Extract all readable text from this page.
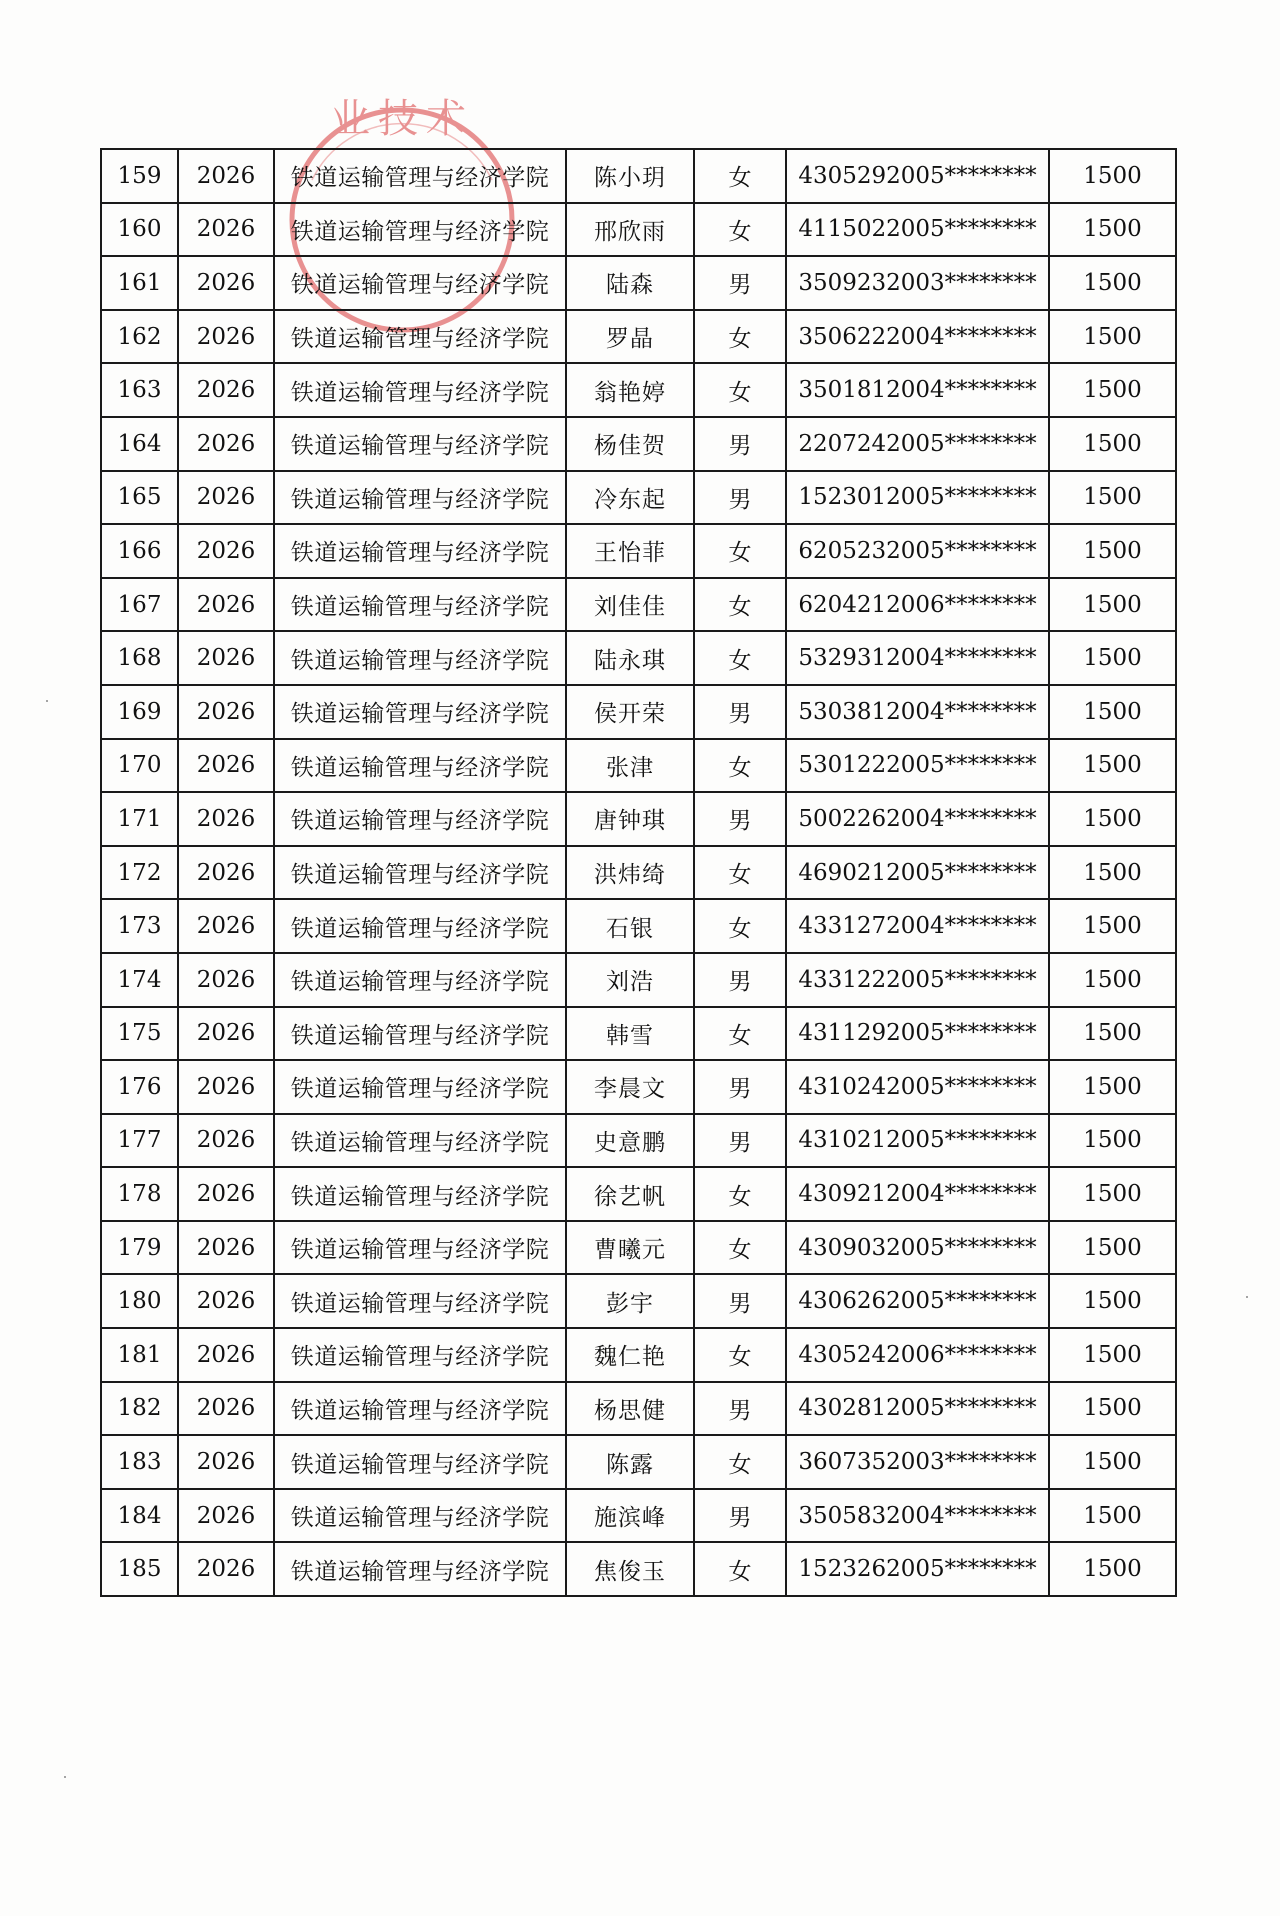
业技术
159	2026	铁道运输管理与经济学院	陈小玥	女	4305292005********	1500
160	2026	铁道运输管理与经济学院	邢欣雨	女	4115022005********	1500
161	2026	铁道运输管理与经济学院	陆森	男	3509232003********	1500
162	2026	铁道运输管理与经济学院	罗晶	女	3506222004********	1500
163	2026	铁道运输管理与经济学院	翁艳婷	女	3501812004********	1500
164	2026	铁道运输管理与经济学院	杨佳贺	男	2207242005********	1500
165	2026	铁道运输管理与经济学院	冷东起	男	1523012005********	1500
166	2026	铁道运输管理与经济学院	王怡菲	女	6205232005********	1500
167	2026	铁道运输管理与经济学院	刘佳佳	女	6204212006********	1500
168	2026	铁道运输管理与经济学院	陆永琪	女	5329312004********	1500
169	2026	铁道运输管理与经济学院	侯开荣	男	5303812004********	1500
170	2026	铁道运输管理与经济学院	张津	女	5301222005********	1500
171	2026	铁道运输管理与经济学院	唐钟琪	男	5002262004********	1500
172	2026	铁道运输管理与经济学院	洪炜绮	女	4690212005********	1500
173	2026	铁道运输管理与经济学院	石银	女	4331272004********	1500
174	2026	铁道运输管理与经济学院	刘浩	男	4331222005********	1500
175	2026	铁道运输管理与经济学院	韩雪	女	4311292005********	1500
176	2026	铁道运输管理与经济学院	李晨文	男	4310242005********	1500
177	2026	铁道运输管理与经济学院	史意鹏	男	4310212005********	1500
178	2026	铁道运输管理与经济学院	徐艺帆	女	4309212004********	1500
179	2026	铁道运输管理与经济学院	曹曦元	女	4309032005********	1500
180	2026	铁道运输管理与经济学院	彭宇	男	4306262005********	1500
181	2026	铁道运输管理与经济学院	魏仁艳	女	4305242006********	1500
182	2026	铁道运输管理与经济学院	杨思健	男	4302812005********	1500
183	2026	铁道运输管理与经济学院	陈露	女	3607352003********	1500
184	2026	铁道运输管理与经济学院	施滨峰	男	3505832004********	1500
185	2026	铁道运输管理与经济学院	焦俊玉	女	1523262005********	1500
